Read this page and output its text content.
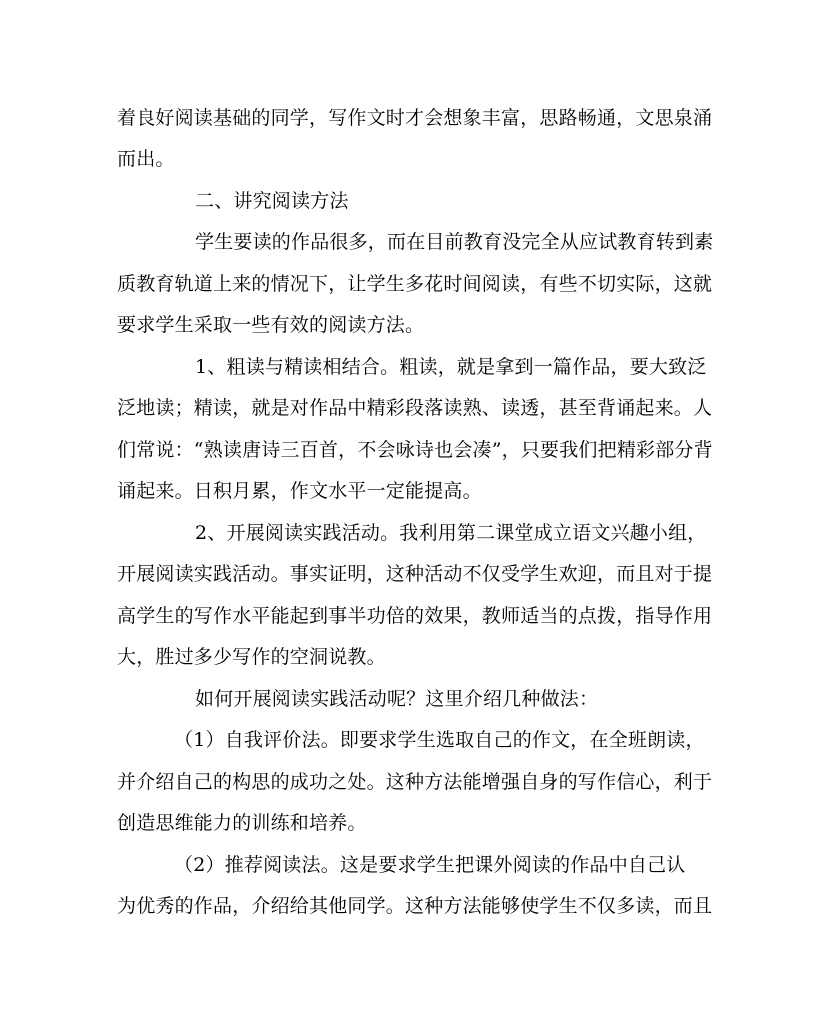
着良好阅读基础的同学，写作文时才会想象丰富，思路畅通，文思泉涌
而出。
二、讲究阅读方法
学生要读的作品很多，而在目前教育没完全从应试教育转到素
质教育轨道上来的情况下，让学生多花时间阅读，有些不切实际，这就
要求学生采取一些有效的阅读方法。
1、粗读与精读相结合。粗读，就是拿到一篇作品，要大致泛
泛地读；精读，就是对作品中精彩段落读熟、读透，甚至背诵起来。人
们常说：“熟读唐诗三百首，不会咏诗也会凑”，只要我们把精彩部分背
诵起来。日积月累，作文水平一定能提高。
2、开展阅读实践活动。我利用第二课堂成立语文兴趣小组，
开展阅读实践活动。事实证明，这种活动不仅受学生欢迎，而且对于提
高学生的写作水平能起到事半功倍的效果，教师适当的点拨，指导作用
大，胜过多少写作的空洞说教。
如何开展阅读实践活动呢？这里介绍几种做法：
（1）自我评价法。即要求学生选取自己的作文，在全班朗读，
并介绍自己的构思的成功之处。这种方法能增强自身的写作信心，利于
创造思维能力的训练和培养。
（2）推荐阅读法。这是要求学生把课外阅读的作品中自己认
为优秀的作品，介绍给其他同学。这种方法能够使学生不仅多读，而且
